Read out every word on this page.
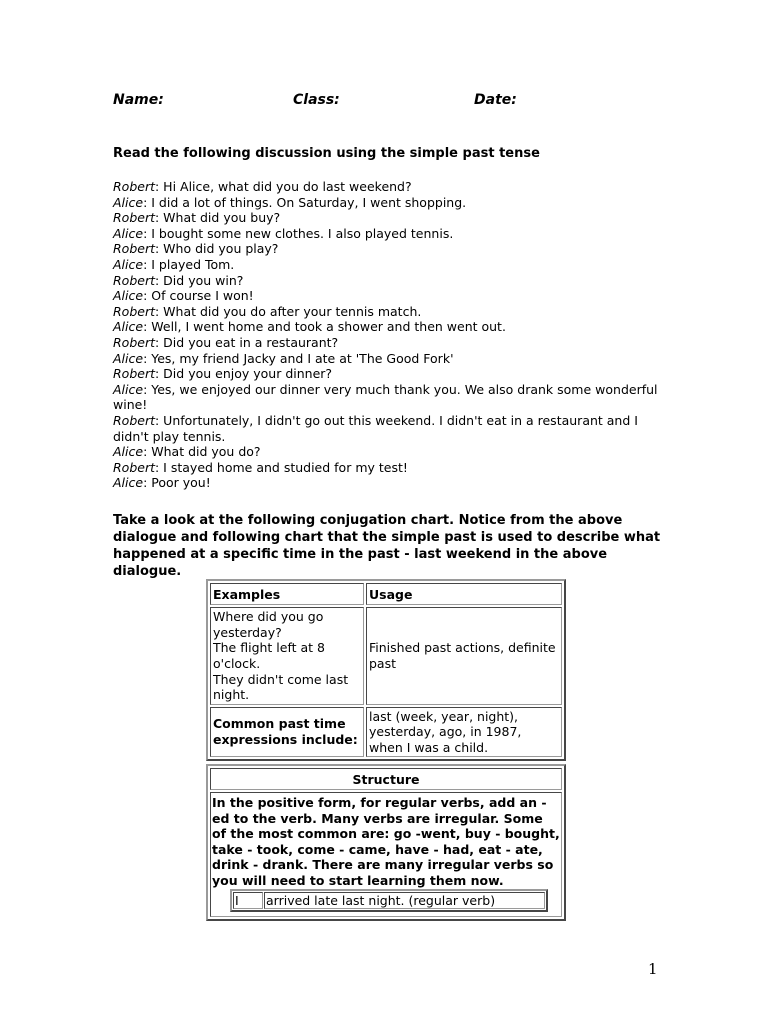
Name:	Class:	Date:
Read the following discussion using the simple past tense
Robert: Hi Alice, what did you do last weekend?
Alice: I did a lot of things. On Saturday, I went shopping.
Robert: What did you buy?
Alice: I bought some new clothes. I also played tennis.
Robert: Who did you play?
Alice: I played Tom.
Robert: Did you win?
Alice: Of course I won!
Robert: What did you do after your tennis match.
Alice: Well, I went home and took a shower and then went out.
Robert: Did you eat in a restaurant?
Alice: Yes, my friend Jacky and I ate at 'The Good Fork'
Robert: Did you enjoy your dinner?
Alice: Yes, we enjoyed our dinner very much thank you. We also drank some wonderful wine!
Robert: Unfortunately, I didn't go out this weekend. I didn't eat in a restaurant and I didn't play tennis.
Alice: What did you do?
Robert: I stayed home and studied for my test!
Alice: Poor you!
Take a look at the following conjugation chart. Notice from the above dialogue and following chart that the simple past is used to describe what happened at a specific time in the past - last weekend in the above dialogue.
Examples	Usage
Where did you go yesterday?
The flight left at 8 o'clock.
They didn't come last night.	Finished past actions, definite past
Common past time expressions include:	last (week, year, night), yesterday, ago, in 1987, when I was a child.
Structure

In the positive form, for regular verbs, add an -ed to the verb. Many verbs are irregular. Some of the most common are: go -went, buy - bought, take - took, come - came, have - had, eat - ate, drink - drank. There are many irregular verbs so you will need to start learning them now.
I	arrived late last night. (regular verb)
1
